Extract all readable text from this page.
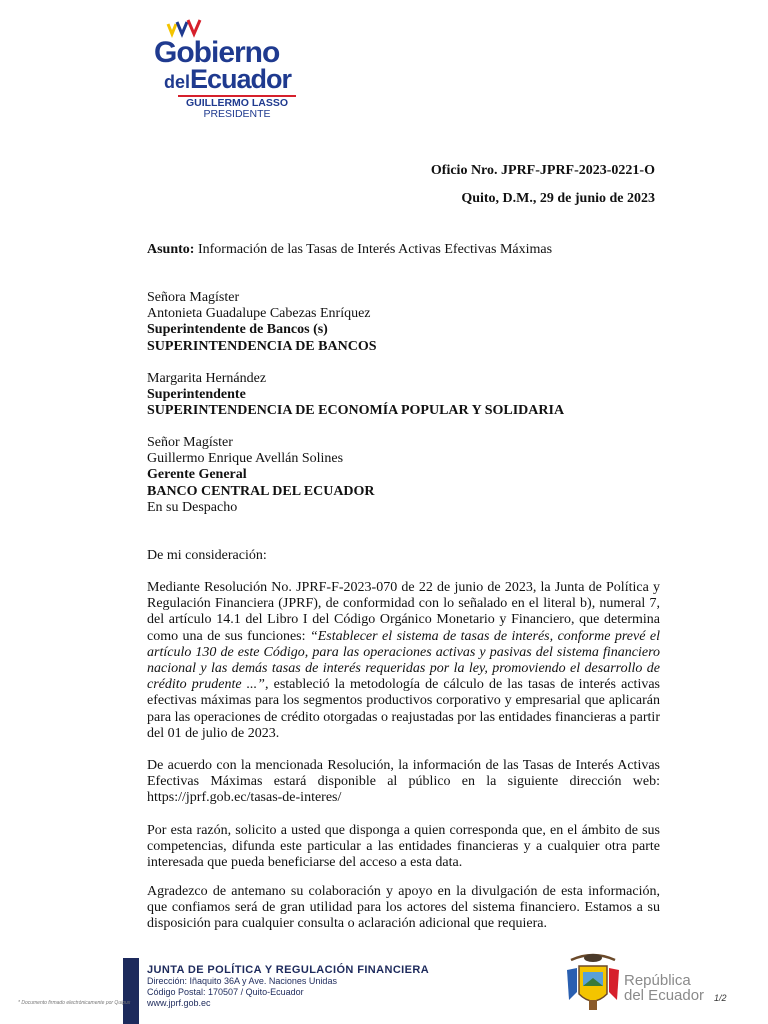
Gobierno
delEcuador
GUILLERMO LASSO
PRESIDENTE
Oficio Nro. JPRF-JPRF-2023-0221-O
Quito, D.M., 29 de junio de 2023
Asunto: Información de las Tasas de Interés Activas Efectivas Máximas
Señora Magíster
Antonieta Guadalupe Cabezas Enríquez
Superintendente de Bancos (s)
SUPERINTENDENCIA DE BANCOS
Margarita Hernández
Superintendente
SUPERINTENDENCIA DE ECONOMÍA POPULAR Y SOLIDARIA
Señor Magíster
Guillermo Enrique Avellán Solines
Gerente General
BANCO CENTRAL DEL ECUADOR
En su Despacho
De mi consideración:
Mediante Resolución No. JPRF-F-2023-070 de 22 de junio de 2023, la Junta de Política y Regulación Financiera (JPRF), de conformidad con lo señalado en el literal b), numeral 7, del artículo 14.1 del Libro I del Código Orgánico Monetario y Financiero, que determina como una de sus funciones: “Establecer el sistema de tasas de interés, conforme prevé el artículo 130 de este Código, para las operaciones activas y pasivas del sistema financiero nacional y las demás tasas de interés requeridas por la ley, promoviendo el desarrollo de crédito prudente ...”, estableció la metodología de cálculo de las tasas de interés activas efectivas máximas para los segmentos productivos corporativo y empresarial que aplicarán para las operaciones de crédito otorgadas o reajustadas por las entidades financieras a partir del 01 de julio de 2023.
De acuerdo con la mencionada Resolución, la información de las Tasas de Interés Activas Efectivas Máximas estará disponible al público en la siguiente dirección web: https://jprf.gob.ec/tasas-de-interes/
Por esta razón, solicito a usted que disponga a quien corresponda que, en el ámbito de sus competencias, difunda este particular a las entidades financieras y a cualquier otra parte interesada que pueda beneficiarse del acceso a esta data.
Agradezco de antemano su colaboración y apoyo en la divulgación de esta información, que confiamos será de gran utilidad para los actores del sistema financiero. Estamos a su disposición para cualquier consulta o aclaración adicional que requiera.
JUNTA DE POLÍTICA Y REGULACIÓN FINANCIERA
Dirección: Iñaquito 36A y Ave. Naciones Unidas
Código Postal: 170507 / Quito-Ecuador
www.jprf.gob.ec
* Documento firmado electrónicamente por Quipux
República
del Ecuador 1/2
